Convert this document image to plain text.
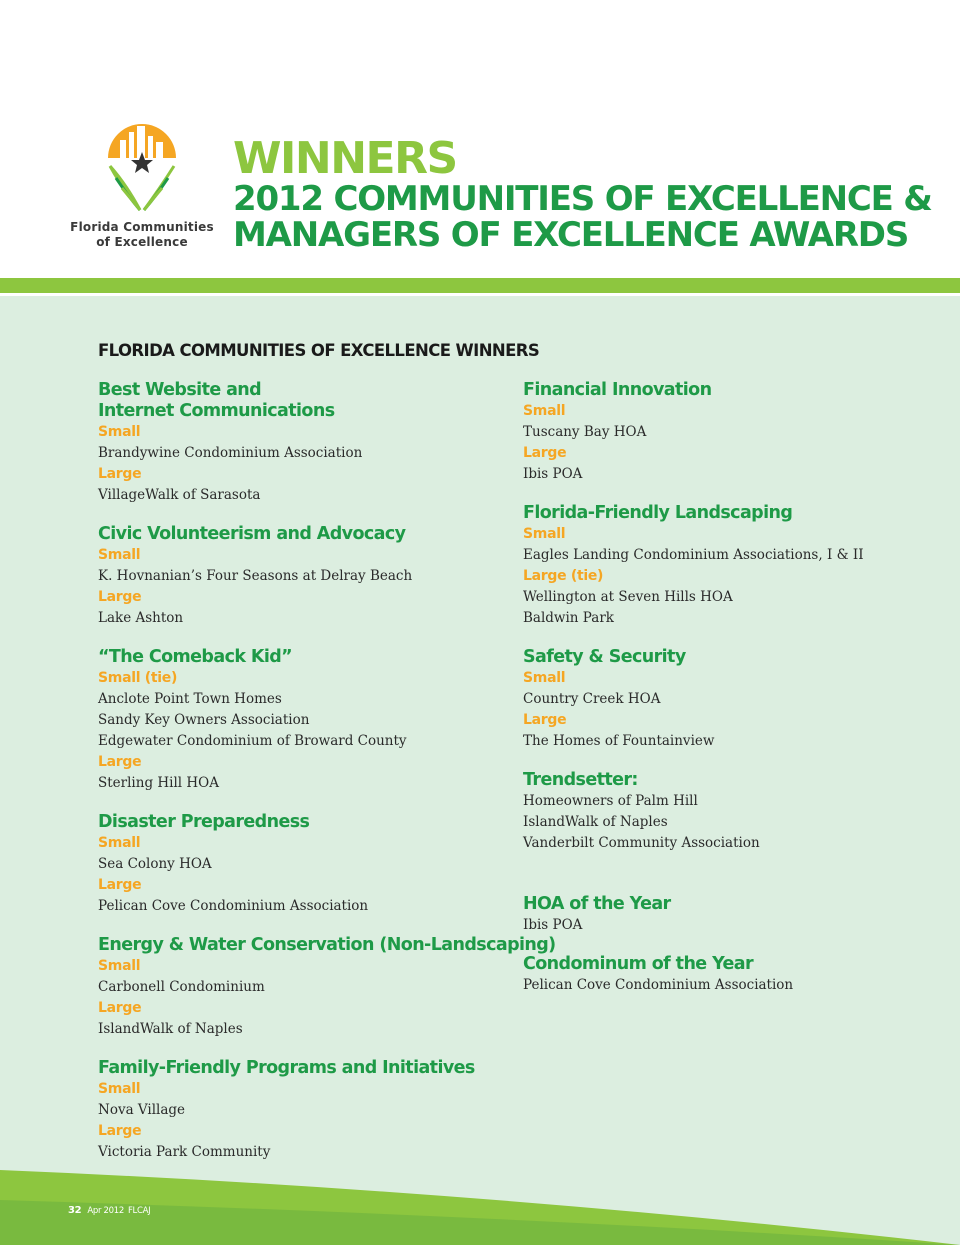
Florida Communities
of Excellence
WINNERS
2012 COMMUNITIES OF EXCELLENCE &
MANAGERS OF EXCELLENCE AWARDS
FLORIDA COMMUNITIES OF EXCELLENCE WINNERS
Best Website and
Internet Communications
Small
Brandywine Condominium Association
Large
VillageWalk of Sarasota
Civic Volunteerism and Advocacy
Small
K. Hovnanian’s Four Seasons at Delray Beach
Large
Lake Ashton
“The Comeback Kid”
Small (tie)
Anclote Point Town Homes
Sandy Key Owners Association
Edgewater Condominium of Broward County
Large
Sterling Hill HOA
Disaster Preparedness
Small
Sea Colony HOA
Large
Pelican Cove Condominium Association
Energy & Water Conservation (Non-Landscaping)
Small
Carbonell Condominium
Large
IslandWalk of Naples
Family-Friendly Programs and Initiatives
Small
Nova Village
Large
Victoria Park Community
Financial Innovation
Small
Tuscany Bay HOA
Large
Ibis POA
Florida-Friendly Landscaping
Small
Eagles Landing Condominium Associations, I & II
Large (tie)
Wellington at Seven Hills HOA
Baldwin Park
Safety & Security
Small
Country Creek HOA
Large
The Homes of Fountainview
Trendsetter:
Homeowners of Palm Hill
IslandWalk of Naples
Vanderbilt Community Association
HOA of the Year
Ibis POA
Condominum of the Year
Pelican Cove Condominium Association
32 Apr 2012 FLCAJ
